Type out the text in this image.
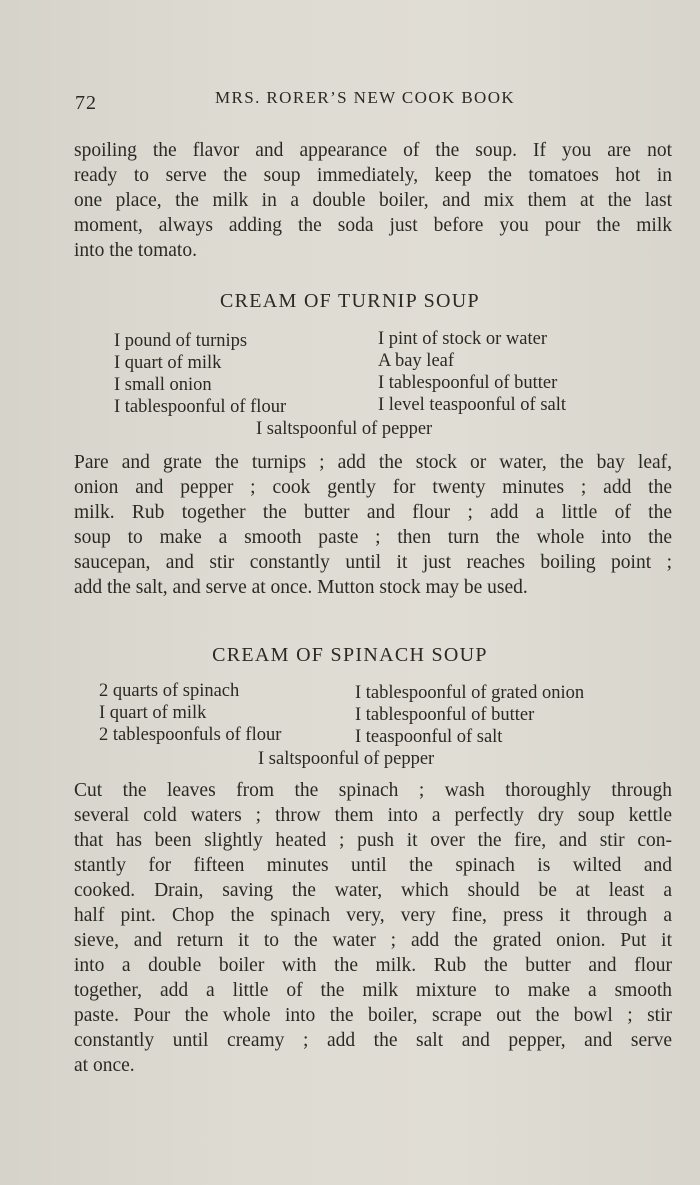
72	MRS. RORER’S NEW COOK BOOK
spoiling the flavor and appearance of the soup. If you are not
ready to serve the soup immediately, keep the tomatoes hot in
one place, the milk in a double boiler, and mix them at the last
moment, always adding the soda just before you pour the milk
into the tomato.
CREAM OF TURNIP SOUP
I pound of turnips
I quart of milk
I small onion
I tablespoonful of flour
I pint of stock or water
A bay leaf
I tablespoonful of butter
I level teaspoonful of salt
I saltspoonful of pepper
Pare and grate the turnips ; add the stock or water, the bay leaf,
onion and pepper ; cook gently for twenty minutes ; add the
milk. Rub together the butter and flour ; add a little of the
soup to make a smooth paste ; then turn the whole into the
saucepan, and stir constantly until it just reaches boiling point ;
add the salt, and serve at once. Mutton stock may be used.
CREAM OF SPINACH SOUP
2 quarts of spinach
I quart of milk
2 tablespoonfuls of flour
I tablespoonful of grated onion
I tablespoonful of butter
I teaspoonful of salt
I saltspoonful of pepper
Cut the leaves from the spinach ; wash thoroughly through
several cold waters ; throw them into a perfectly dry soup kettle
that has been slightly heated ; push it over the fire, and stir con-
stantly for fifteen minutes until the spinach is wilted and
cooked. Drain, saving the water, which should be at least a
half pint. Chop the spinach very, very fine, press it through a
sieve, and return it to the water ; add the grated onion. Put it
into a double boiler with the milk. Rub the butter and flour
together, add a little of the milk mixture to make a smooth
paste. Pour the whole into the boiler, scrape out the bowl ; stir
constantly until creamy ; add the salt and pepper, and serve
at once.
